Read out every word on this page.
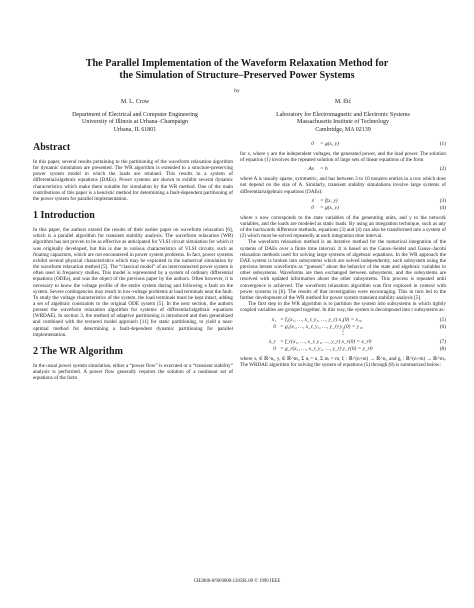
The Parallel Implementation of the Waveform Relaxation Method for
the Simulation of Structure–Preserved Power Systems
by
M. L. Crow
Department of Electrical and Computer Engineering
University of Illinois at Urbana–Champaign
Urbana, IL 61801
M. Ilić
Laboratory for Electromagnetic and Electronic Systems
Massachusetts Institute of Technology
Cambridge, MA 02139
Abstract

In this paper, several results pertaining to the partitioning of the waveform relaxation algorithm for dynamic simulation are presented. The WR algorithm is extended to a structure-preserving power system model in which the loads are retained. This results in a system of differential/algebraic equations (DAEs). Power systems are shown to exhibit several dynamic characteristics which make them suitable for simulation by the WR method. One of the main contributions of this paper is a heuristic method for determining a fault-dependent partitioning of the power system for parallel implementation.

1 Introduction

In this paper, the authors extend the results of their earlier paper on waveform relaxation [6], which is a parallel algorithm for transient stability analysis. The waveform relaxation (WR) algorithm has not proven to be as effective as anticipated for VLSI circuit simulation for which it was originally developed, but this is due to various characteristics of VLSI circuits, such as floating capacitors, which are not encountered in power system problems. In fact, power systems exhibit several physical characteristics which may be exploited in the numerical simulation by the waveform relaxation method [5]. The “classical model” of an interconnected power system is often used in frequency studies. This model is represented by a system of ordinary differential equations (ODEs), and was the object of the previous paper by the authors. Often however, it is necessary to know the voltage profile of the entire system during and following a fault on the system. Severe contingencies may result in low-voltage problems at load terminals near the fault. To study the voltage characteristics of the system, the load terminals must be kept intact, adding a set of algebraic constraints to the original ODE system [5]. In the next section, the authors present the waveform relaxation algorithm for systems of differential/algebraic equations (WRDAE). In section 3, the method of adaptive partitioning is introduced and then generalized and combined with the textured model approach [11] for static partitioning, to yield a near-optimal method for determining a fault-dependent dynamic partitioning for parallel implementation.

2 The WR Algorithm

In the usual power system simulation, either a “power flow” is executed or a “transient stability” analysis is performed. A power flow generally requires the solution of a nonlinear set of equations of the form

0	= g(x, y)	(1)

for x, where y are the independent voltages, the generated power, and the load power. The solution of equation (1) involves the repeated solution of large sets of linear equations of the form

Ax	= b	(2)

where A is usually sparse, symmetric, and has between 3 to 10 nonzero entries in a row which does not depend on the size of A. Similarly, transient stability simulations involve large systems of differential/algebraic equations (DAEs):

ẋ	= f(x, y)	(3)
0	= g(x, y)	(4)

where x now corresponds to the state variables of the generating units, and y to the network variables, and the loads are modeled as static loads. By using an integration technique, such as any of the backwards difference methods, equations (3) and (4) can also be transformed into a system of (2) which must be solved repeatedly at each integration time interval.

The waveform relaxation method is an iterative method for the numerical integration of the systems of DAEs over a finite time interval. It is based on the Gauss–Seidel and Gauss–Jacobi relaxation methods used for solving large systems of algebraic equations. In the WR approach the DAE system is broken into subsystems which are solved independently, each subsystem using the previous iterate waveforms as “guesses” about the behavior of the state and algebraic variables in other subsystems. Waveforms are then exchanged between subsystems, and the subsystems are resolved with updated information about the other subsystems. This process is repeated until convergence is achieved. The waveform relaxation algorithm was first explored in context with power systems in [6]. The results of that investigation were encouraging. This in turn led to the further development of the WR method for power system transient stability analysis [5].

The first step in the WR algorithm is to partition the system into subsystems in which tightly coupled variables are grouped together. In this way, the system is decomposed into r subsystems as:

ẋ₁ = f₁(x₁, …, x_r, y₁, …, y_r) x₁(0) = x₁₀	(5)
0 = g₁(x₁, …, x_r, y₁, …, y_r) y₁(0) = y₁₀	(6)
⋮
ẋ_r = f_r(x₁, …, x_r, y₁, …, y_r) x_r(0) = x_r0	(7)
0 = g_r(x₁, …, x_r, y₁, …, y_r) y_r(0) = y_r0	(8)

where xᵢ ∈ ℝ^nᵢ, yᵢ ∈ ℝ^mᵢ, Σ nᵢ = n, Σ mᵢ = m, fᵢ : ℝ^(n+m) → ℝ^nᵢ, and gᵢ : ℝ^(n+m) → ℝ^mᵢ. The WRDAE algorithm for solving the system of equations (5) through (8) is summarized below:

CH2868-8/90/0000-1205$1.00 © 1990 IEEE
